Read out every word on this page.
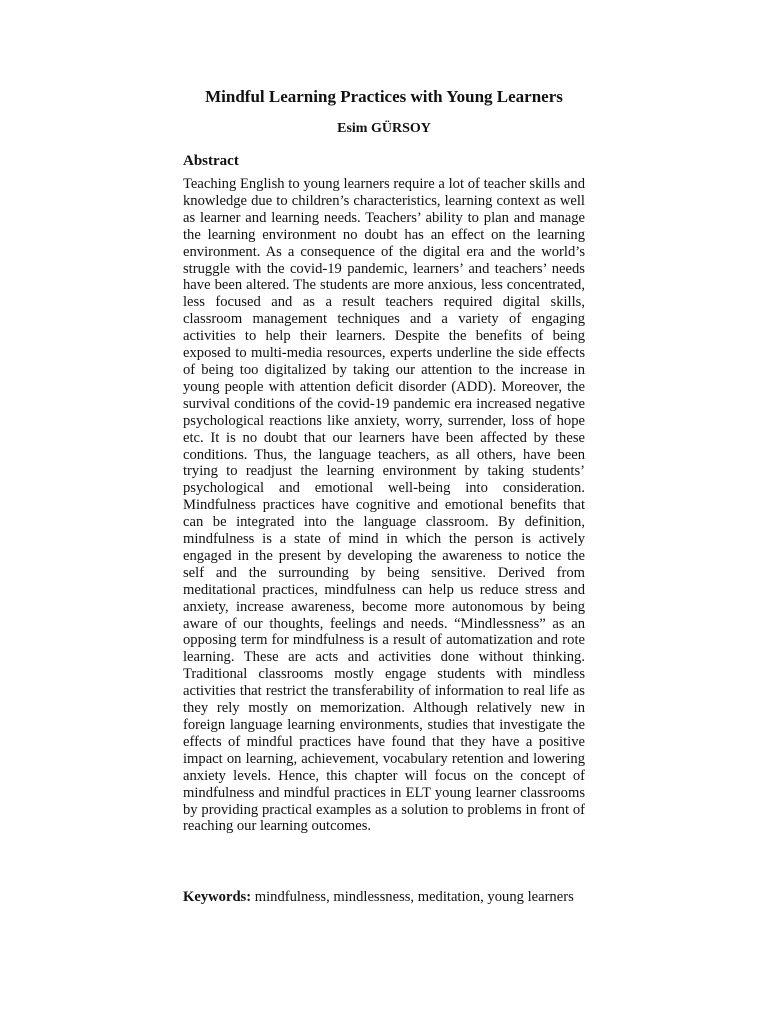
Mindful Learning Practices with Young Learners
Esim GÜRSOY
Abstract

Teaching English to young learners require a lot of teacher skills and knowledge due to children’s characteristics, learning context as well as learner and learning needs. Teachers’ ability to plan and manage the learning environment no doubt has an effect on the learning environment. As a consequence of the digital era and the world’s struggle with the covid-19 pandemic, learners’ and teachers’ needs have been altered. The students are more anxious, less concentrated, less focused and as a result teachers required digital skills, classroom management techniques and a variety of engaging activities to help their learners. Despite the benefits of being exposed to multi-media resources, experts underline the side effects of being too digitalized by taking our attention to the increase in young people with attention deficit disorder (ADD). Moreover, the survival conditions of the covid-19 pandemic era increased negative psychological reactions like anxiety, worry, surrender, loss of hope etc. It is no doubt that our learners have been affected by these conditions. Thus, the language teachers, as all others, have been trying to readjust the learning environment by taking students’ psychological and emotional well-being into consideration. Mindfulness practices have cognitive and emotional benefits that can be integrated into the language classroom. By definition, mindfulness is a state of mind in which the person is actively engaged in the present by developing the awareness to notice the self and the surrounding by being sensitive. Derived from meditational practices, mindfulness can help us reduce stress and anxiety, increase awareness, become more autonomous by being aware of our thoughts, feelings and needs. “Mindlessness” as an opposing term for mindfulness is a result of automatization and rote learning. These are acts and activities done without thinking. Traditional classrooms mostly engage students with mindless activities that restrict the transferability of information to real life as they rely mostly on memorization. Although relatively new in foreign language learning environments, studies that investigate the effects of mindful practices have found that they have a positive impact on learning, achievement, vocabulary retention and lowering anxiety levels. Hence, this chapter will focus on the concept of mindfulness and mindful practices in ELT young learner classrooms by providing practical examples as a solution to problems in front of reaching our learning outcomes.

Keywords: mindfulness, mindlessness, meditation, young learners
